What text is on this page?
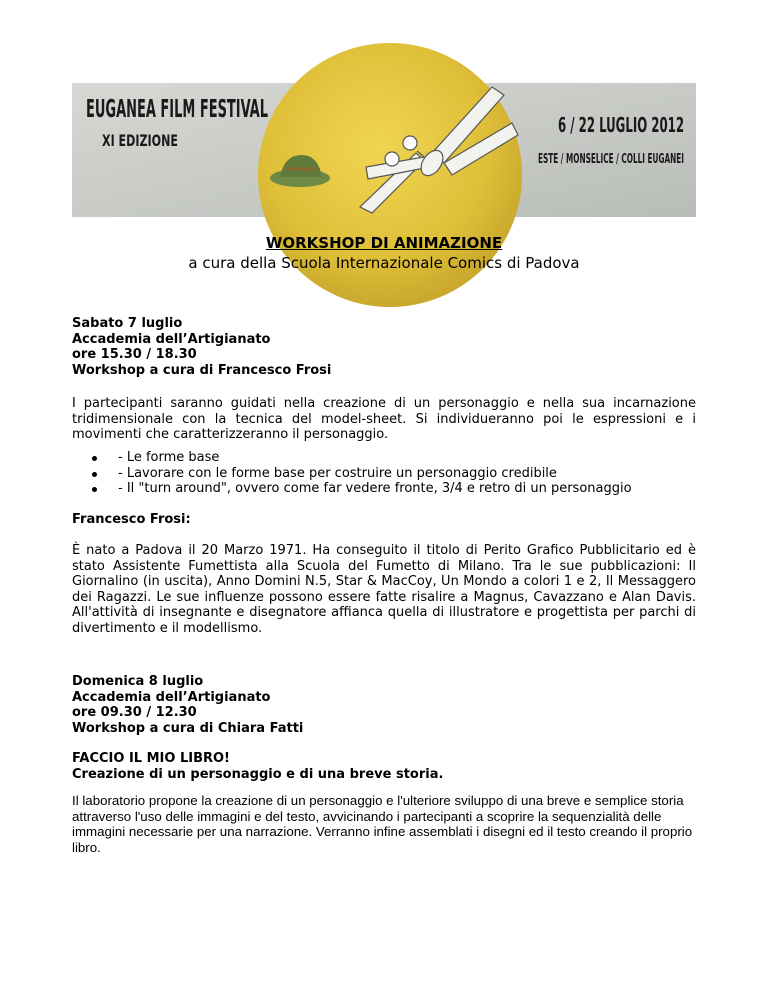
EUGANEA FILM FESTIVAL
XI EDIZIONE
6 / 22 LUGLIO 2012
ESTE / MONSELICE / COLLI EUGANEI
WORKSHOP DI ANIMAZIONE
a cura della Scuola Internazionale Comics di Padova
Sabato 7 luglio
Accademia dell’Artigianato
ore 15.30 / 18.30
Workshop a cura di Francesco Frosi
I partecipanti saranno guidati nella creazione di un personaggio e nella sua incarnazione tridimensionale con la tecnica del model-sheet. Si individueranno poi le espressioni e i movimenti che caratterizzeranno il personaggio.
- Le forme base
- Lavorare con le forme base per costruire un personaggio credibile
- Il "turn around", ovvero come far vedere fronte, 3/4 e retro di un personaggio
Francesco Frosi:
È nato a Padova il 20 Marzo 1971. Ha conseguito il titolo di Perito Grafico Pubblicitario ed è stato Assistente Fumettista alla Scuola del Fumetto di Milano. Tra le sue pubblicazioni: Il Giornalino (in uscita), Anno Domini N.5, Star & MacCoy, Un Mondo a colori 1 e 2, Il Messaggero dei Ragazzi. Le sue influenze possono essere fatte risalire a Magnus, Cavazzano e Alan Davis. All'attività di insegnante e disegnatore affianca quella di illustratore e progettista per parchi di divertimento e il modellismo.
Domenica 8 luglio
Accademia dell’Artigianato
ore 09.30 / 12.30
Workshop a cura di Chiara Fatti
FACCIO IL MIO LIBRO!
Creazione di un personaggio e di una breve storia.
Il laboratorio propone la creazione di un personaggio e l'ulteriore sviluppo di una breve e semplice storia attraverso l'uso delle immagini e del testo, avvicinando i partecipanti a scoprire la sequenzialità delle immagini necessarie per una narrazione. Verranno infine assemblati i disegni ed il testo creando il proprio libro.
